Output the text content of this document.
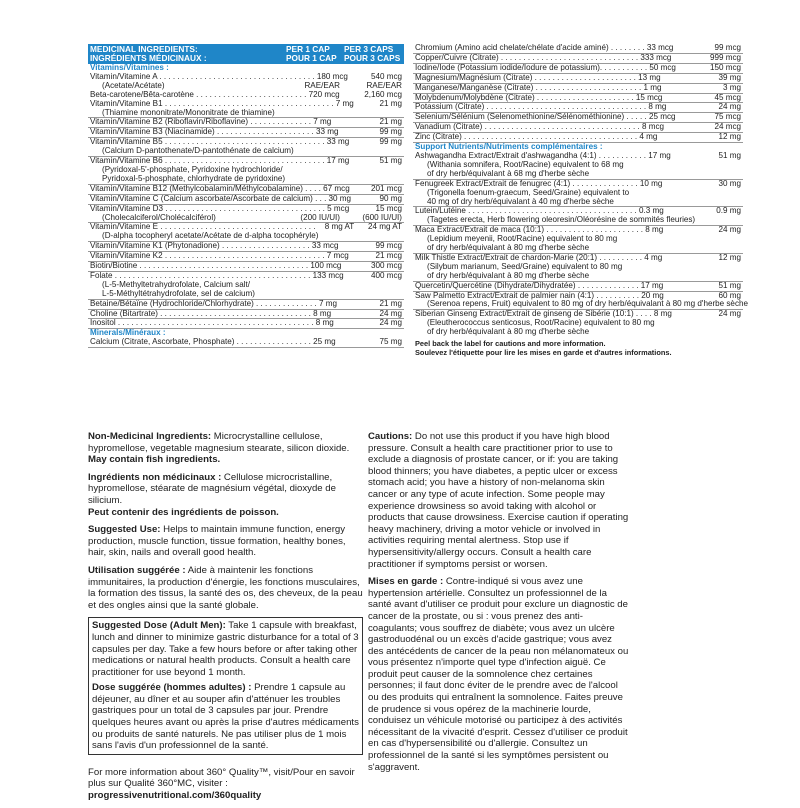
MEDICINAL INGREDIENTS:
INGRÉDIENTS MÉDICINAUX :
PER 1 CAP
POUR 1 CAP
PER 3 CAPS
POUR 3 CAPS
Vitamins/Vitamines :
Vitamin/Vitamine A . . . . . . . . . . . . . . . . . . . . . . . . . . . . . . . . . . . 180 mcg	540 mcg
(Acetate/Acétate)	RAE/EAR	RAE/EAR
Beta-carotene/Bêta-carotène . . . . . . . . . . . . . . . . . . . . . . . . . 720 mcg	2,160 mcg
Vitamin/Vitamine B1 . . . . . . . . . . . . . . . . . . . . . . . . . . . . . . . . . . . . . . 7 mg	21 mg
(Thiamine mononitrate/Mononitrate de thiamine)
Vitamin/Vitamine B2 (Riboflavin/Riboflavine) . . . . . . . . . . . . . . 7 mg	21 mg
Vitamin/Vitamine B3 (Niacinamide) . . . . . . . . . . . . . . . . . . . . . . 33 mg	99 mg
Vitamin/Vitamine B5 . . . . . . . . . . . . . . . . . . . . . . . . . . . . . . . . . . . . 33 mg	99 mg
(Calcium D-pantothenate/D-pantothénate de calcium)
Vitamin/Vitamine B6 . . . . . . . . . . . . . . . . . . . . . . . . . . . . . . . . . . . . 17 mg	51 mg
(Pyridoxal-5'-phosphate, Pyridoxine hydrochloride/
Pyridoxal-5-phosphate, chlorhydrate de pyridoxine)
Vitamin/Vitamine B12 (Methylcobalamin/Méthylcobalamine) . . . . 67 mcg	201 mcg
Vitamin/Vitamine C (Calcium ascorbate/Ascorbate de calcium) . . . 30 mg	90 mg
Vitamin/Vitamine D3 . . . . . . . . . . . . . . . . . . . . . . . . . . . . . . . . . . . . 5 mcg	15 mcg
(Cholecalciferol/Cholécalciférol)	(200 IU/UI)	(600 IU/UI)
Vitamin/Vitamine E . . . . . . . . . . . . . . . . . . . . . . . . . . . . . . . . . . .	8 mg AT	24 mg AT
(D-alpha tocopheryl acetate/Acétate de d-alpha tocophéryle)
Vitamin/Vitamine K1 (Phytonadione) . . . . . . . . . . . . . . . . . . . . 33 mcg	99 mcg
Vitamin/Vitamine K2 . . . . . . . . . . . . . . . . . . . . . . . . . . . . . . . . . . . . 7 mcg	21 mcg
Biotin/Biotine . . . . . . . . . . . . . . . . . . . . . . . . . . . . . . . . . . . . . . 100 mcg	300 mcg
Folate . . . . . . . . . . . . . . . . . . . . . . . . . . . . . . . . . . . . . . . . . . . . 133 mcg	400 mcg
(L-5-Methyltetrahydrofolate, Calcium salt/
L-5-Méthyltétrahydrofolate, sel de calcium)
Betaine/Bétaïne (Hydrochloride/Chlorhydrate) . . . . . . . . . . . . . . 7 mg	21 mg
Choline (Bitartrate) . . . . . . . . . . . . . . . . . . . . . . . . . . . . . . . . . . 8 mg	24 mg
Inositol . . . . . . . . . . . . . . . . . . . . . . . . . . . . . . . . . . . . . . . . . . . . 8 mg	24 mg
Minerals/Minéraux :
Calcium (Citrate, Ascorbate, Phosphate) . . . . . . . . . . . . . . . . . 25 mg	75 mg
Chromium (Amino acid chelate/chélate d'acide aminé) . . . . . . . . 33 mcg	99 mcg
Copper/Cuivre (Citrate) . . . . . . . . . . . . . . . . . . . . . . . . . . . . . . . 333 mcg	999 mcg
Iodine/Iode (Potassium iodide/Iodure de potassium). . . . . . . . . . . 50 mcg	150 mcg
Magnesium/Magnésium (Citrate) . . . . . . . . . . . . . . . . . . . . . . . 13 mg	39 mg
Manganese/Manganèse (Citrate) . . . . . . . . . . . . . . . . . . . . . . . . 1 mg	3 mg
Molybdenum/Molybdène (Citrate) . . . . . . . . . . . . . . . . . . . . . . 15 mcg	45 mcg
Potassium (Citrate) . . . . . . . . . . . . . . . . . . . . . . . . . . . . . . . . . . . . 8 mg	24 mg
Selenium/Sélénium (Selenomethionine/Sélénométhionine) . . . . . 25 mcg	75 mcg
Vanadium (Citrate) . . . . . . . . . . . . . . . . . . . . . . . . . . . . . . . . . . . 8 mcg	24 mcg
Zinc (Citrate) . . . . . . . . . . . . . . . . . . . . . . . . . . . . . . . . . . . . . . . 4 mg	12 mg
Support Nutrients/Nutriments complémentaires :
Ashwagandha Extract/Extrait d'ashwagandha (4:1) . . . . . . . . . . . 17 mg	51 mg
(Withania somnifera, Root/Racine) equivalent to 68 mg
of dry herb/équivalant à 68 mg d'herbe sèche
Fenugreek Extract/Extrait de fenugrec (4:1) . . . . . . . . . . . . . . . 10 mg	30 mg
(Trigonella foenum-graecum, Seed/Graine) equivalent to
40 mg of dry herb/équivalant à 40 mg d'herbe sèche
Lutein/Lutéine . . . . . . . . . . . . . . . . . . . . . . . . . . . . . . . . . . . . . . 0.3 mg	0.9 mg
(Tagetes erecta, Herb flowering oleoresin/Oléorésine de sommités fleuries)
Maca Extract/Extrait de maca (10:1) . . . . . . . . . . . . . . . . . . . . . . 8 mg	24 mg
(Lepidium meyenii, Root/Racine) equivalent to 80 mg
of dry herb/équivalant à 80 mg d'herbe sèche
Milk Thistle Extract/Extrait de chardon-Marie (20:1) . . . . . . . . . . 4 mg	12 mg
(Silybum marianum, Seed/Graine) equivalent to 80 mg
of dry herb/équivalant à 80 mg d'herbe sèche
Quercetin/Quercétine (Dihydrate/Dihydratée) . . . . . . . . . . . . . . 17 mg	51 mg
Saw Palmetto Extract/Extrait de palmier nain (4:1) . . . . . . . . . . 20 mg	60 mg
(Serenoa repens, Fruit) equivalent to 80 mg of dry herb/équivalant à 80 mg d'herbe sèche
Siberian Ginseng Extract/Extrait de ginseng de Sibérie (10:1) . . . . 8 mg	24 mg
(Eleutherococcus senticosus, Root/Racine) equivalent to 80 mg
of dry herb/équivalant à 80 mg d'herbe sèche
Peel back the label for cautions and more information.
Soulevez l'étiquette pour lire les mises en garde et d'autres informations.

Non-Medicinal Ingredients: Microcrystalline cellulose, hypromellose, vegetable magnesium stearate, silicon dioxide.
May contain fish ingredients.

Ingrédients non médicinaux : Cellulose microcristalline, hypromellose, stéarate de magnésium végétal, dioxyde de silicium.
Peut contenir des ingrédients de poisson.

Suggested Use: Helps to maintain immune function, energy production, muscle function, tissue formation, healthy bones, hair, skin, nails and overall good health.

Utilisation suggérée : Aide à maintenir les fonctions immunitaires, la production d'énergie, les fonctions musculaires, la formation des tissus, la santé des os, des cheveux, de la peau et des ongles ainsi que la santé globale.

Suggested Dose (Adult Men): Take 1 capsule with breakfast, lunch and dinner to minimize gastric disturbance for a total of 3 capsules per day. Take a few hours before or after taking other medications or natural health products. Consult a health care practitioner for use beyond 1 month.

Dose suggérée (hommes adultes) : Prendre 1 capsule au déjeuner, au dîner et au souper afin d'atténuer les troubles gastriques pour un total de 3 capsules par jour. Prendre quelques heures avant ou après la prise d'autres médicaments ou produits de santé naturels. Ne pas utiliser plus de 1 mois sans l'avis d'un professionnel de la santé.

For more information about 360° Quality™, visit/Pour en savoir plus sur Qualité 360°MC, visiter : progressivenutritional.com/360quality

Cautions: Do not use this product if you have high blood pressure. Consult a health care practitioner prior to use to exclude a diagnosis of prostate cancer, or if: you are taking blood thinners; you have diabetes, a peptic ulcer or excess stomach acid; you have a history of non-melanoma skin cancer or any type of acute infection. Some people may experience drowsiness so avoid taking with alcohol or products that cause drowsiness. Exercise caution if operating heavy machinery, driving a motor vehicle or involved in activities requiring mental alertness. Stop use if hypersensitivity/allergy occurs. Consult a health care practitioner if symptoms persist or worsen.

Mises en garde : Contre-indiqué si vous avez une hypertension artérielle. Consultez un professionnel de la santé avant d'utiliser ce produit pour exclure un diagnostic de cancer de la prostate, ou si : vous prenez des anti-coagulants; vous souffrez de diabète; vous avez un ulcère gastroduodénal ou un excès d'acide gastrique; vous avez des antécédents de cancer de la peau non mélanomateux ou vous présentez n'importe quel type d'infection aiguë. Ce produit peut causer de la somnolence chez certaines personnes; il faut donc éviter de le prendre avec de l'alcool ou des produits qui entraînent la somnolence. Faites preuve de prudence si vous opérez de la machinerie lourde, conduisez un véhicule motorisé ou participez à des activités nécessitant de la vivacité d'esprit. Cessez d'utiliser ce produit en cas d'hypersensibilité ou d'allergie. Consultez un professionnel de la santé si les symptômes persistent ou s'aggravent.
